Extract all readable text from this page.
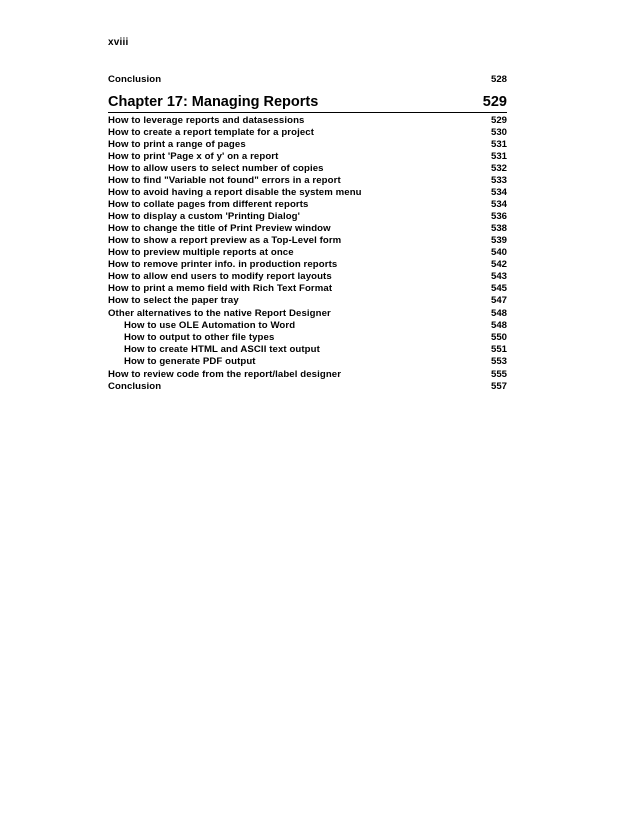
xviii
Conclusion	528
Chapter 17: Managing Reports	529
How to leverage reports and datasessions	529
How to create a report template for a project	530
How to print a range of pages	531
How to print 'Page x of y' on a report	531
How to allow users to select number of copies	532
How to find "Variable not found" errors in a report	533
How to avoid having a report disable the system menu	534
How to collate pages from different reports	534
How to display a custom 'Printing Dialog'	536
How to change the title of Print Preview window	538
How to show a report preview as a Top-Level form	539
How to preview multiple reports at once	540
How to remove printer info. in production reports	542
How to allow end users to modify report layouts	543
How to print a memo field with Rich Text Format	545
How to select the paper tray	547
Other alternatives to the native Report Designer	548
How to use OLE Automation to Word	548
How to output to other file types	550
How to create HTML and ASCII text output	551
How to generate PDF output	553
How to review code from the report/label designer	555
Conclusion	557
